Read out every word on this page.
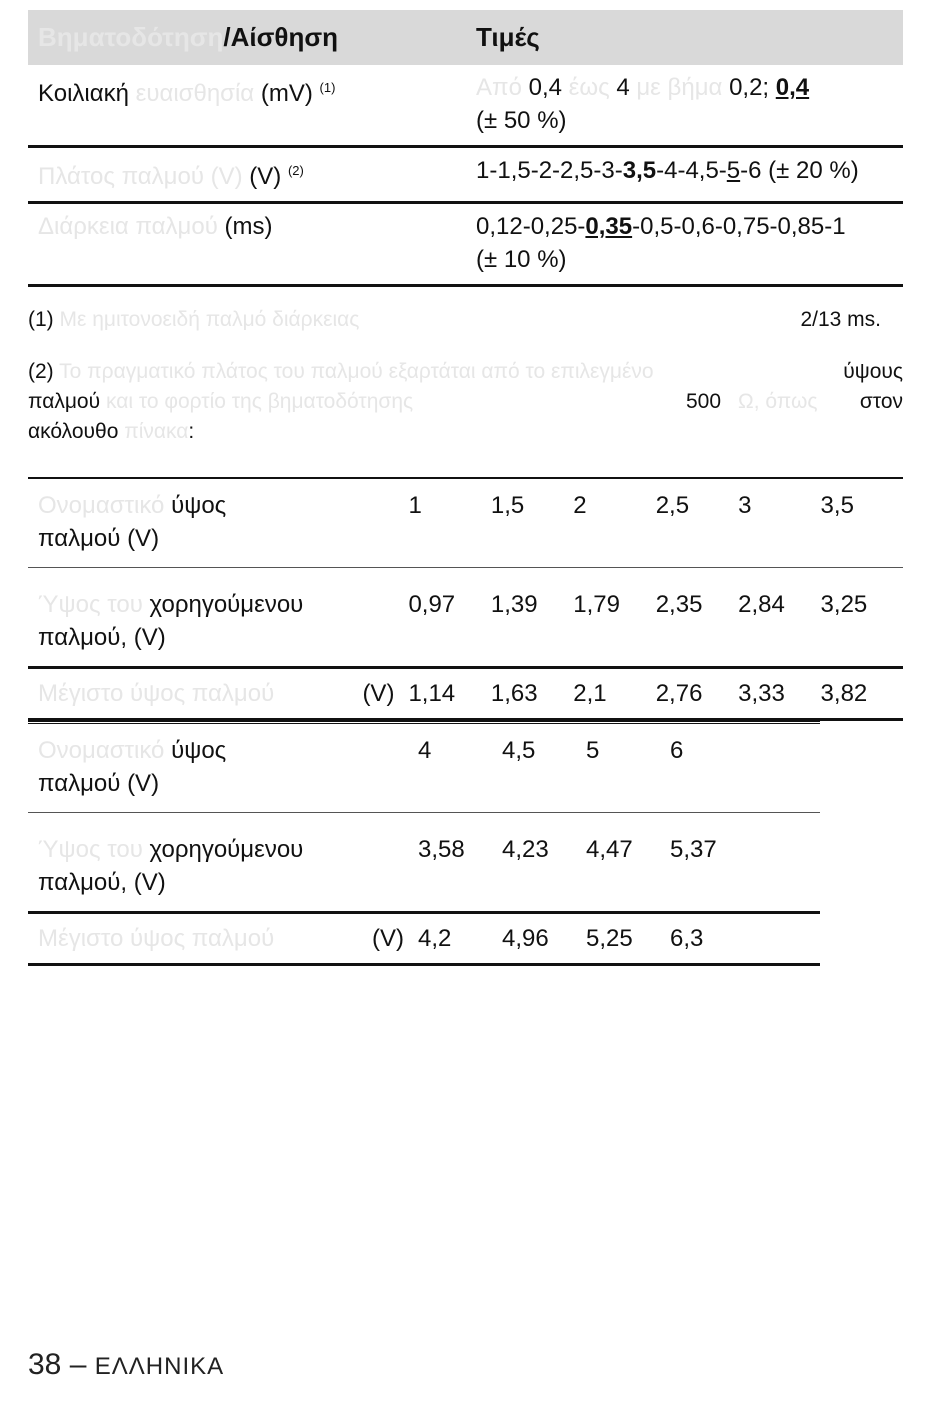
Βηματοδότηση/Αίσθηση	Τιμές
Κοιλιακή ευαισθησία (mV) $^{(1)}$	Από 0,4 έως 4 με βήμα 0,2; 0,4
(± 50 %)
Πλάτος παλμού (V) (V) $^{(2)}$	1-1,5-2-2,5-3-3,5-4-4,5-5-6 (± 20 %)
Διάρκεια παλμού (ms)	0,12-0,25-0,35-0,5-0,6-0,75-0,85-1
(± 10 %)
(1) Με ημιτονοειδή παλμό διάρκειας	2/13 ms.
(2) Το πραγματικό πλάτος του παλμού εξαρτάται από το επιλεγμένο	ύψους
παλμού και το φορτίο της βηματοδότησης	500 Ω, όπως στον
ακόλουθο πίνακα:
Ονομαστικό ύψος
παλμού (V)	1	1,5	2	2,5	3	3,5
Ύψος του χορηγούμενου
παλμού, (V)	0,97	1,39	1,79	2,35	2,84	3,25
Μέγιστο ύψος παλμού (V)	1,14	1,63	2,1	2,76	3,33	3,82
Ονομαστικό ύψος
παλμού (V)	4	4,5	5	6	
Ύψος του χορηγούμενου
παλμού, (V)	3,58	4,23	4,47	5,37	
Μέγιστο ύψος παλμού (V)	4,2	4,96	5,25	6,3	
38 – ΕΛΛΗΝΙΚΑ
